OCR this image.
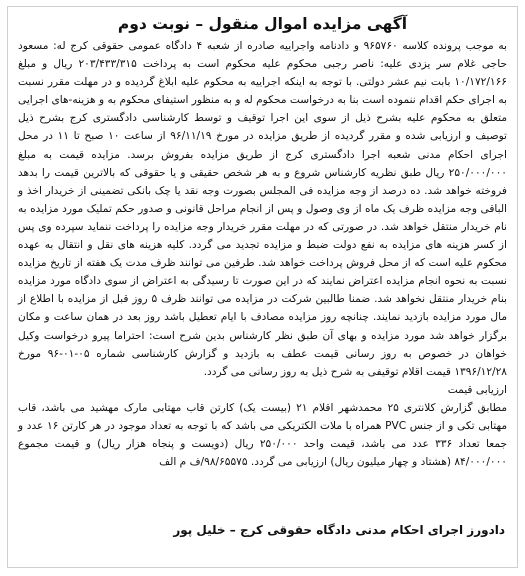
آگهی مزایده اموال منقول – نوبت دوم

به موجب پرونده کلاسه ۹۶۵۷۶۰ و دادنامه واجراییه صادره از شعبه ۴ دادگاه عمومی حقوقی کرج له: مسعود حاجی غلام سر یزدی علیه: ناصر رجبی محکوم علیه محکوم است به پرداخت ۲۰۳/۴۳۳/۳۱۵ ریال و مبلغ ۱۰/۱۷۲/۱۶۶ بابت نیم عشر دولتی. با توجه به اینکه اجراییه به محکوم علیه ابلاغ گردیده و در مهلت مقرر نسبت به اجرای حکم اقدام ننموده است بنا به درخواست محکوم له و به منظور استیفای محکوم به و هزینه-های اجرایی متعلق به محکوم علیه بشرح ذیل از سوی این اجرا توقیف و توسط کارشناسی دادگستری کرج بشرح ذیل توصیف و ارزیابی شده و مقرر گردیده از طریق مزایده در مورخ ۹۶/۱۱/۱۹ از ساعت ۱۰ صبح تا ۱۱ در محل اجرای احکام مدنی شعبه اجرا دادگستری کرج از طریق مزایده بفروش برسد. مزایده قیمت به مبلغ ۲۵۰/۰۰۰/۰۰۰ ریال طبق نظریه کارشناس شروع و به هر شخص حقیقی و یا حقوقی که بالاترین قیمت را بدهد فروخته خواهد شد. ده درصد از وجه مزایده فی المجلس بصورت وجه نقد یا چک بانکی تضمینی از خریدار اخذ و الباقی وجه مزایده ظرف یک ماه از وی وصول و پس از انجام مراحل قانونی و صدور حکم تملیک مورد مزایده به نام خریدار منتقل خواهد شد. در صورتی که در مهلت مقرر خریدار وجه مزایده را پرداخت ننماید سپرده وی پس از کسر هزینه های مزایده به نفع دولت ضبط و مزایده تجدید می گردد. کلیه هزینه های نقل و انتقال به عهده محکوم علیه است که از محل فروش پرداخت خواهد شد. طرفین می توانند ظرف مدت یک هفته از تاریخ مزایده نسبت به نحوه انجام مزایده اعتراض نمایند که در این صورت تا رسیدگی به اعتراض از سوی دادگاه مورد مزایده بنام خریدار منتقل نخواهد شد. ضمنا طالبین شرکت در مزایده می توانند ظرف ۵ روز قبل از مزایده با اطلاع از مال مورد مزایده بازدید نمایند. چنانچه روز مزایده مصادف با ایام تعطیل باشد روز بعد در همان ساعت و مکان برگزار خواهد شد مورد مزایده و بهای آن طبق نظر کارشناس بدین شرح است: احتراما پیرو درخواست وکیل خواهان در خصوص به روز رسانی قیمت عطف به بازدید و گزارش کارشناسی شماره ۰۵-۰۱-۹۶ مورخ ۱۳۹۶/۱۲/۲۸ قیمت اقلام توقیفی به شرح ذیل به روز رسانی می گردد.

ارزیابی قیمت

مطابق گزارش کلانتری ۲۵ محمدشهر اقلام ۲۱ (بیست یک) کارتن قاب مهتابی مارک مهشید می باشد، قاب مهتابی تکی و از جنس PVC همراه با ملات الکتریکی می باشد که با توجه به تعداد موجود در هر کارتن ۱۶ عدد و جمعا تعداد ۳۳۶ عدد می باشد، قیمت واحد ۲۵۰/۰۰۰ ریال (دویست و پنجاه هزار ریال) و قیمت مجموع ۸۴/۰۰۰/۰۰۰ (هشتاد و چهار میلیون ریال) ارزیابی می گردد. ۹۸/۶۵۵۷۵/ف م الف

دادورز اجرای احکام مدنی دادگاه حقوقی کرج – خلیل پور
